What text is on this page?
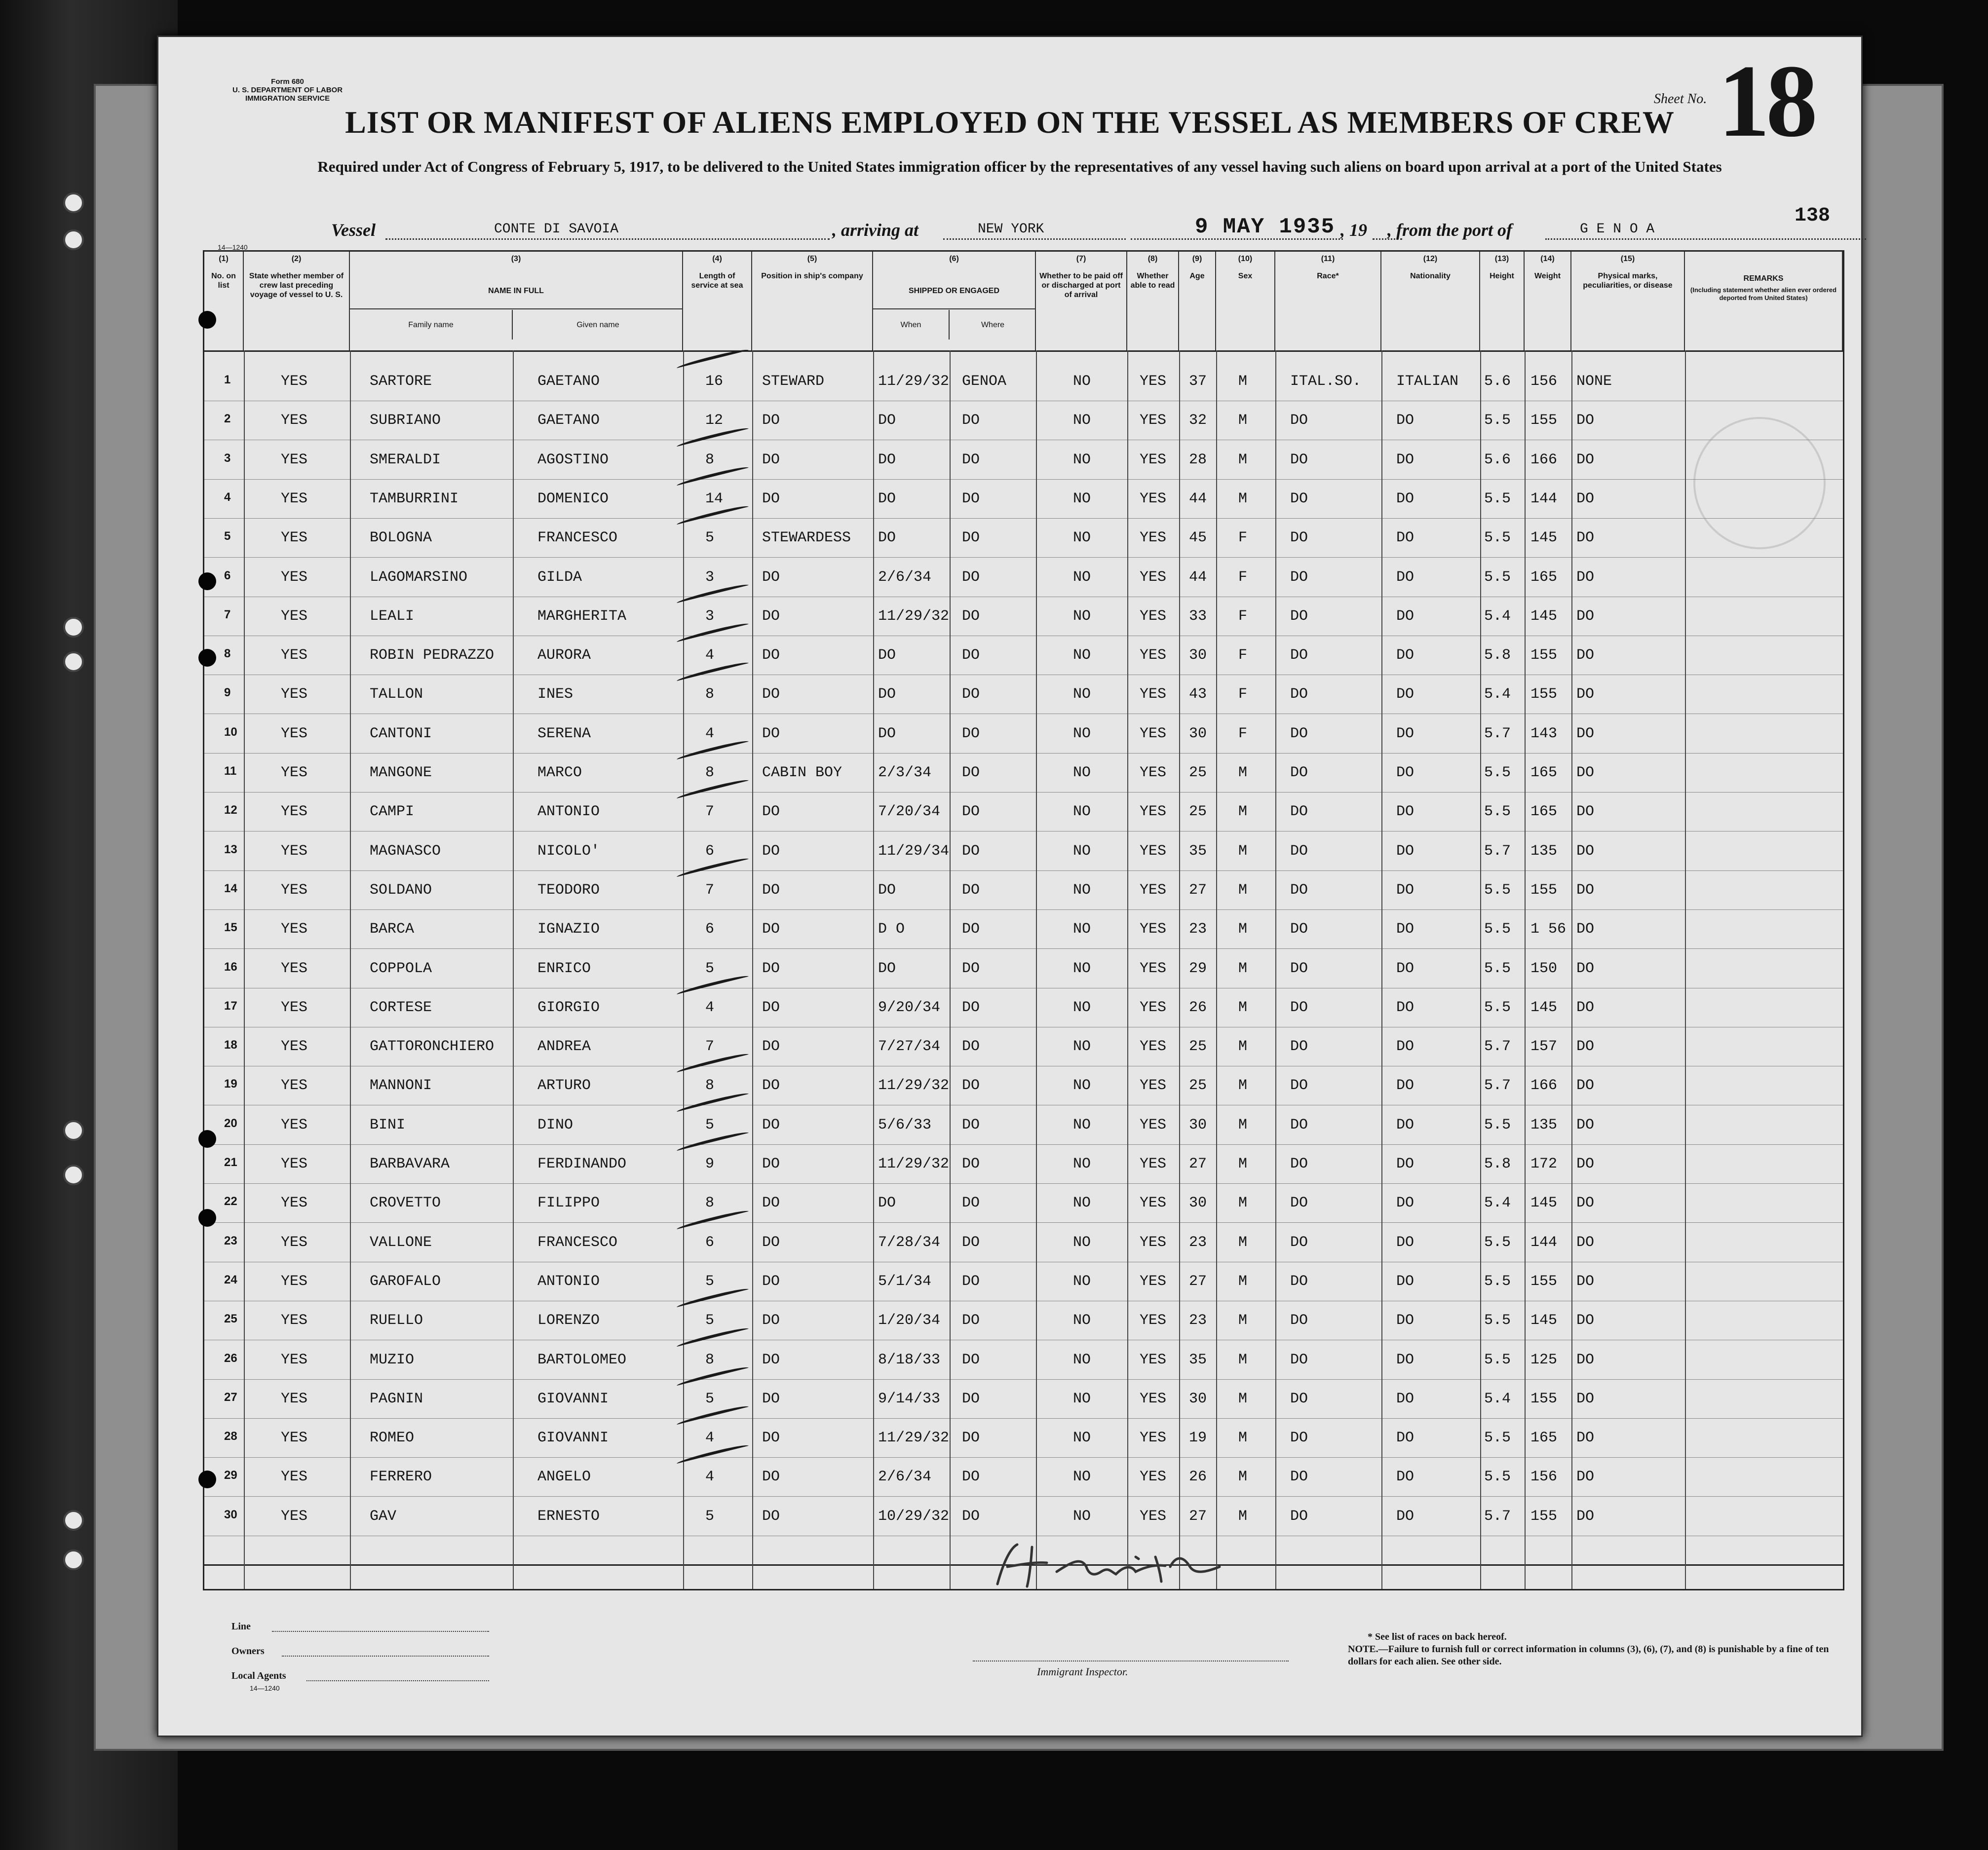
Form 680
U. S. DEPARTMENT OF LABOR
IMMIGRATION SERVICE	Sheet No. 18
LIST OR MANIFEST OF ALIENS EMPLOYED ON THE VESSEL AS MEMBERS OF CREW
Required under Act of Congress of February 5, 1917, to be delivered to the United States immigration officer by the representatives of any vessel having such aliens on board upon arrival at a port of the United States
138
14—1240
Vessel	CONTE DI SAVOIA	, arriving at	NEW YORK	9 MAY 1935 , 19 , from the port of	G E N O A
(1)
No. on list
(2)
State whether member of crew last preceding voyage of vessel to U. S.
(3)
NAME IN FULL
Family name	Given name
(4)
Length of service at sea
(5)
Position in ship's company
(6)
SHIPPED OR ENGAGED
When	Where
(7)
Whether to be paid off or discharged at port of arrival
(8)
Whether able to read
(9)
Age
(10)
Sex
(11)
Race*
(12)
Nationality
(13)
Height
(14)
Weight
(15)
Physical marks, peculiarities, or disease
REMARKS
(Including statement whether alien ever ordered deported from United States)
1	YES	SARTORE	GAETANO	16	STEWARD	11/29/32 GENOA	NO	YES 37 M	ITAL.SO. ITALIAN 5.6 156 NONE
2	YES	SUBRIANO	GAETANO	12	DO	DO	DO	NO	YES 32 M	DO	DO	5.5 155 DO
3	YES	SMERALDI	AGOSTINO	8	DO	DO	DO	NO	YES 28 M	DO	DO	5.6 166 DO
4	YES	TAMBURRINI	DOMENICO	14	DO	DO	DO	NO	YES 44 M	DO	DO	5.5 144 DO
5	YES	BOLOGNA	FRANCESCO	5	STEWARDESS DO	DO	NO	YES 45 F	DO	DO	5.5 145 DO
6	YES	LAGOMARSINO	GILDA	3	DO	2/6/34 DO	NO	YES 44 F	DO	DO	5.5 165 DO
7	YES	LEALI	MARGHERITA	3	DO	11/29/32 DO	NO	YES 33 F	DO	DO	5.4 145 DO
8	YES	ROBIN PEDRAZZO	AURORA	4	DO	DO	DO	NO	YES 30 F	DO	DO	5.8 155 DO
9	YES	TALLON	INES	8	DO	DO	DO	NO	YES 43 F	DO	DO	5.4 155 DO
10	YES	CANTONI	SERENA	4	DO	DO	DO	NO	YES 30 F	DO	DO	5.7 143 DO
11	YES	MANGONE	MARCO	8	CABIN BOY 2/3/34 DO	NO	YES 25 M	DO	DO	5.5 165 DO
12	YES	CAMPI	ANTONIO	7	DO	7/20/34 DO	NO	YES 25 M	DO	DO	5.5 165 DO
13	YES	MAGNASCO	NICOLO'	6	DO	11/29/34 DO	NO	YES 35 M	DO	DO	5.7 135 DO
14	YES	SOLDANO	TEODORO	7	DO	DO	DO	NO	YES 27 M	DO	DO	5.5 155 DO
15	YES	BARCA	IGNAZIO	6	DO	D O	DO	NO	YES 23 M	DO	DO	5.5 1 56 DO
16	YES	COPPOLA	ENRICO	5	DO	DO	DO	NO	YES 29 M	DO	DO	5.5 150 DO
17	YES	CORTESE	GIORGIO	4	DO	9/20/34 DO	NO	YES 26 M	DO	DO	5.5 145 DO
18	YES	GATTORONCHIERO	ANDREA	7	DO	7/27/34 DO	NO	YES 25 M	DO	DO	5.7 157 DO
19	YES	MANNONI	ARTURO	8	DO	11/29/32 DO	NO	YES 25 M	DO	DO	5.7 166 DO
20	YES	BINI	DINO	5	DO	5/6/33 DO	NO	YES 30 M	DO	DO	5.5 135 DO
21	YES	BARBAVARA	FERDINANDO	9	DO	11/29/32 DO	NO	YES 27 M	DO	DO	5.8 172 DO
22	YES	CROVETTO	FILIPPO	8	DO	DO	DO	NO	YES 30 M	DO	DO	5.4 145 DO
23	YES	VALLONE	FRANCESCO	6	DO	7/28/34 DO	NO	YES 23 M	DO	DO	5.5 144 DO
24	YES	GAROFALO	ANTONIO	5	DO	5/1/34 DO	NO	YES 27 M	DO	DO	5.5 155 DO
25	YES	RUELLO	LORENZO	5	DO	1/20/34 DO	NO	YES 23 M	DO	DO	5.5 145 DO
26	YES	MUZIO	BARTOLOMEO	8	DO	8/18/33 DO	NO	YES 35 M	DO	DO	5.5 125 DO
27	YES	PAGNIN	GIOVANNI	5	DO	9/14/33 DO	NO	YES 30 M	DO	DO	5.4 155 DO
28	YES	ROMEO	GIOVANNI	4	DO	11/29/32 DO	NO	YES 19 M	DO	DO	5.5 165 DO
29	YES	FERRERO	ANGELO	4	DO	2/6/34 DO	NO	YES 26 M	DO	DO	5.5 156 DO
30	YES	GAV	ERNESTO	5	DO	10/29/32 DO	NO	YES 27 M	DO	DO	5.7 155 DO
Line
Owners
Local Agents
14—1240
Immigrant Inspector.
* See list of races on back hereof.
NOTE.—Failure to furnish full or correct information in columns (3), (6), (7), and (8) is punishable by a fine of ten dollars for each alien. See other side.
